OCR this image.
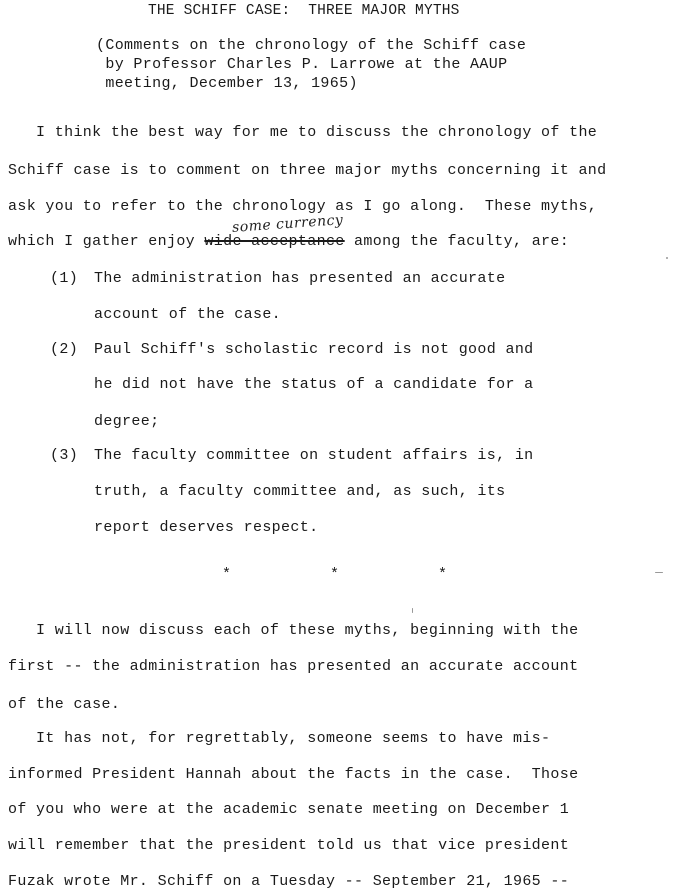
THE SCHIFF CASE:  THREE MAJOR MYTHS
(Comments on the chronology of the Schiff case
by Professor Charles P. Larrowe at the AAUP
meeting, December 13, 1965)
I think the best way for me to discuss the chronology of the
Schiff case is to comment on three major myths concerning it and
ask you to refer to the chronology as I go along.  These myths,
some currency
which I gather enjoy wide acceptance among the faculty, are:
(1) The administration has presented an accurate
account of the case.
(2) Paul Schiff's scholastic record is not good and
he did not have the status of a candidate for a
degree;
(3) The faculty committee on student affairs is, in
truth, a faculty committee and, as such, its
report deserves respect.
*	*	*
I will now discuss each of these myths, beginning with the
first -- the administration has presented an accurate account
of the case.
It has not, for regrettably, someone seems to have mis-
informed President Hannah about the facts in the case.  Those
of you who were at the academic senate meeting on December 1
will remember that the president told us that vice president
Fuzak wrote Mr. Schiff on a Tuesday -- September 21, 1965 --
